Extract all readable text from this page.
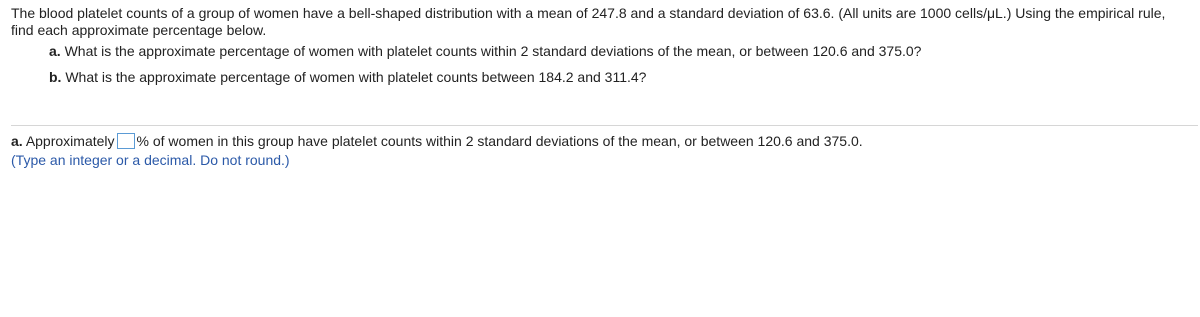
The blood platelet counts of a group of women have a bell-shaped distribution with a mean of 247.8 and a standard deviation of 63.6. (All units are 1000 cells/μL.) Using the empirical rule, find each approximate percentage below.

a. What is the approximate percentage of women with platelet counts within 2 standard deviations of the mean, or between 120.6 and 375.0?
b. What is the approximate percentage of women with platelet counts between 184.2 and 311.4?
a. Approximately % of women in this group have platelet counts within 2 standard deviations of the mean, or between 120.6 and 375.0.
(Type an integer or a decimal. Do not round.)
